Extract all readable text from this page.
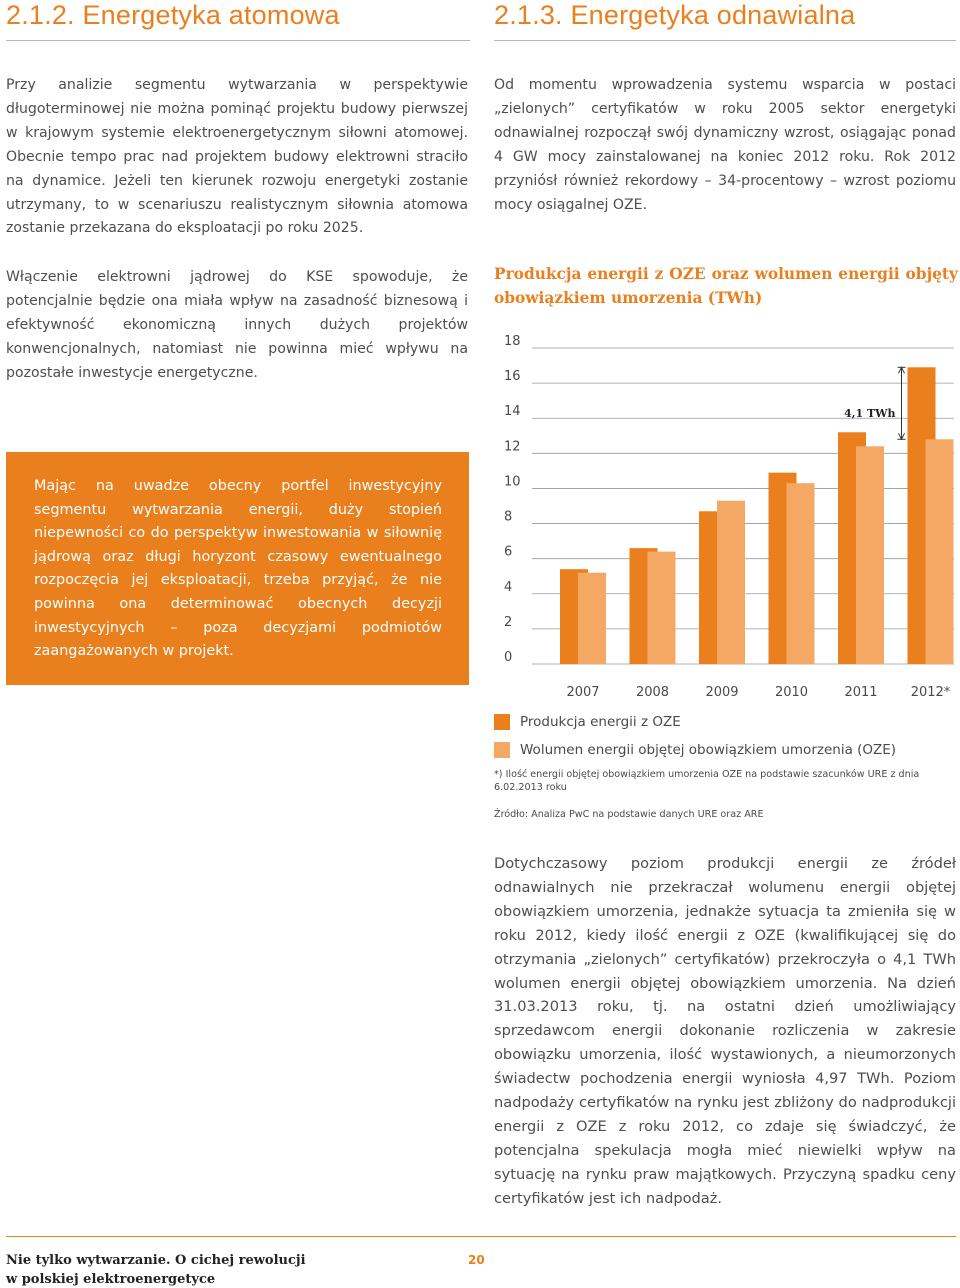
2.1.2. Energetyka atomowa

Przy analizie segmentu wytwarzania w perspektywie długoterminowej nie można pominąć projektu budowy pierwszej w krajowym systemie elektroenergetycznym siłowni atomowej. Obecnie tempo prac nad projektem budowy elektrowni straciło na dynamice. Jeżeli ten kierunek rozwoju energetyki zostanie utrzymany, to w scenariuszu realistycznym siłownia atomowa zostanie przekazana do eksploatacji po roku 2025.

Włączenie elektrowni jądrowej do KSE spowoduje, że potencjalnie będzie ona miała wpływ na zasadność biznesową i efektywność ekonomiczną innych dużych projektów konwencjonalnych, natomiast nie powinna mieć wpływu na pozostałe inwestycje energetyczne.

Mając na uwadze obecny portfel inwestycyjny segmentu wytwarzania energii, duży stopień niepewności co do perspektyw inwestowania w siłownię jądrową oraz długi horyzont czasowy ewentualnego rozpoczęcia jej eksploatacji, trzeba przyjąć, że nie powinna ona determinować obecnych decyzji inwestycyjnych – poza decyzjami podmiotów zaangażowanych w projekt.

2.1.3. Energetyka odnawialna

Od momentu wprowadzenia systemu wsparcia w postaci „zielonych” certyfikatów w roku 2005 sektor energetyki odnawialnej rozpoczął swój dynamiczny wzrost, osiągając ponad 4 GW mocy zainstalowanej na koniec 2012 roku. Rok 2012 przyniósł również rekordowy – 34-procentowy – wzrost poziomu mocy osiągalnej OZE.

Produkcja energii z OZE oraz wolumen energii objęty obowiązkiem umorzenia (TWh)
0
2
4
6
8
10
12
14
16
18
2007	2008	2009	2010	2011	2012*
4,1 TWh
Produkcja energii z OZE
Wolumen energii objętej obowiązkiem umorzenia (OZE)

*) Ilość energii objętej obowiązkiem umorzenia OZE na podstawie szacunków URE z dnia 6.02.2013 roku

Źródło: Analiza PwC na podstawie danych URE oraz ARE

Dotychczasowy poziom produkcji energii ze źródeł odnawialnych nie przekraczał wolumenu energii objętej obowiązkiem umorzenia, jednakże sytuacja ta zmieniła się w roku 2012, kiedy ilość energii z OZE (kwalifikującej się do otrzymania „zielonych” certyfikatów) przekroczyła o 4,1 TWh wolumen energii objętej obowiązkiem umorzenia. Na dzień 31.03.2013 roku, tj. na ostatni dzień umożliwiający sprzedawcom energii dokonanie rozliczenia w zakresie obowiązku umorzenia, ilość wystawionych, a nieumorzonych świadectw pochodzenia energii wyniosła 4,97 TWh. Poziom nadpodaży certyfikatów na rynku jest zbliżony do nadprodukcji energii z OZE z roku 2012, co zdaje się świadczyć, że potencjalna spekulacja mogła mieć niewielki wpływ na sytuację na rynku praw majątkowych. Przyczyną spadku ceny certyfikatów jest ich nadpodaż.

Nie tylko wytwarzanie. O cichej rewolucji
w polskiej elektroenergetyce
20
